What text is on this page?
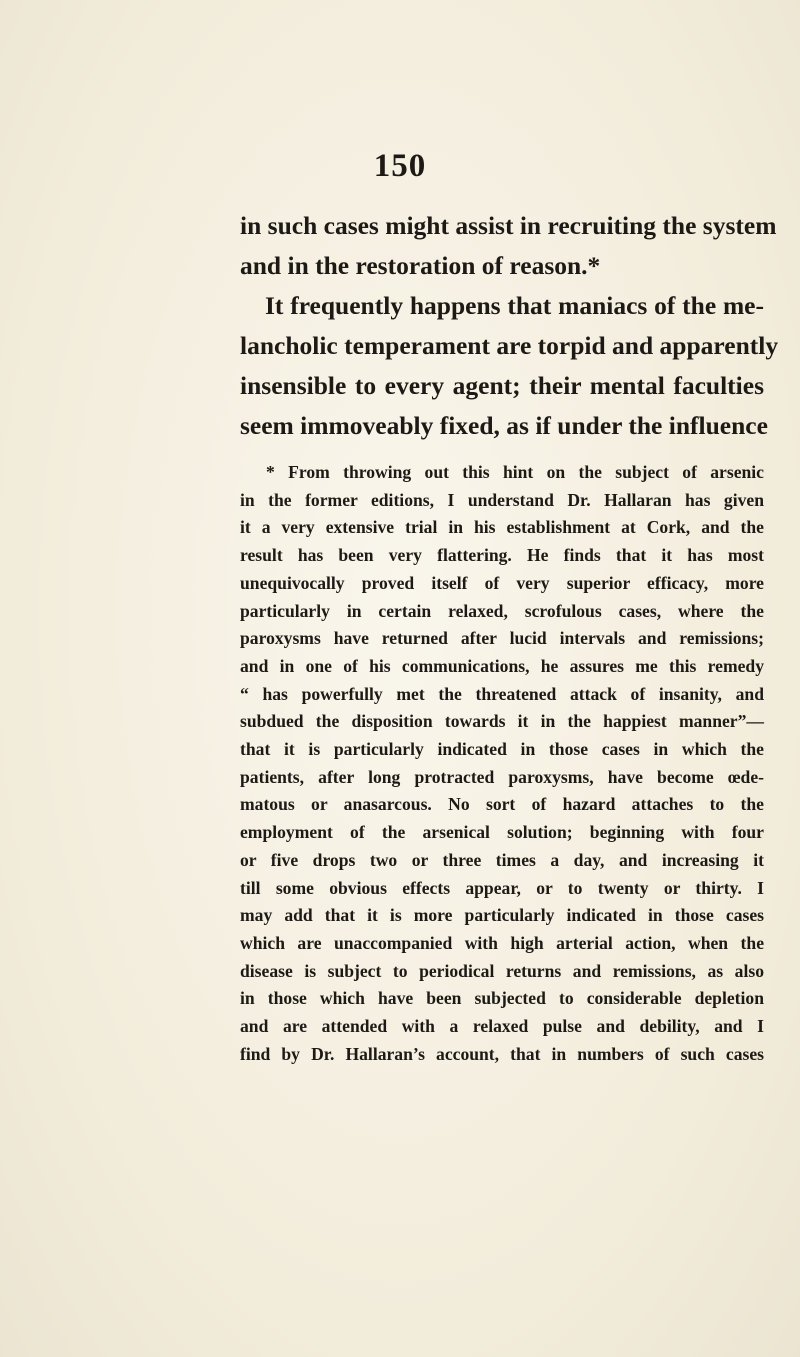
150
in such cases might assist in recruiting the system
and in the restoration of reason.*
It frequently happens that maniacs of the me-
lancholic temperament are torpid and apparently
insensible to every agent; their mental faculties
seem immoveably fixed, as if under the influence
* From throwing out this hint on the subject of arsenic
in the former editions, I understand Dr. Hallaran has given
it a very extensive trial in his establishment at Cork, and the
result has been very flattering. He finds that it has most
unequivocally proved itself of very superior efficacy, more
particularly in certain relaxed, scrofulous cases, where the
paroxysms have returned after lucid intervals and remissions;
and in one of his communications, he assures me this remedy
“ has powerfully met the threatened attack of insanity, and
subdued the disposition towards it in the happiest manner”—
that it is particularly indicated in those cases in which the
patients, after long protracted paroxysms, have become œde-
matous or anasarcous. No sort of hazard attaches to the
employment of the arsenical solution; beginning with four
or five drops two or three times a day, and increasing it
till some obvious effects appear, or to twenty or thirty. I
may add that it is more particularly indicated in those cases
which are unaccompanied with high arterial action, when the
disease is subject to periodical returns and remissions, as also
in those which have been subjected to considerable depletion
and are attended with a relaxed pulse and debility, and I
find by Dr. Hallaran’s account, that in numbers of such cases
